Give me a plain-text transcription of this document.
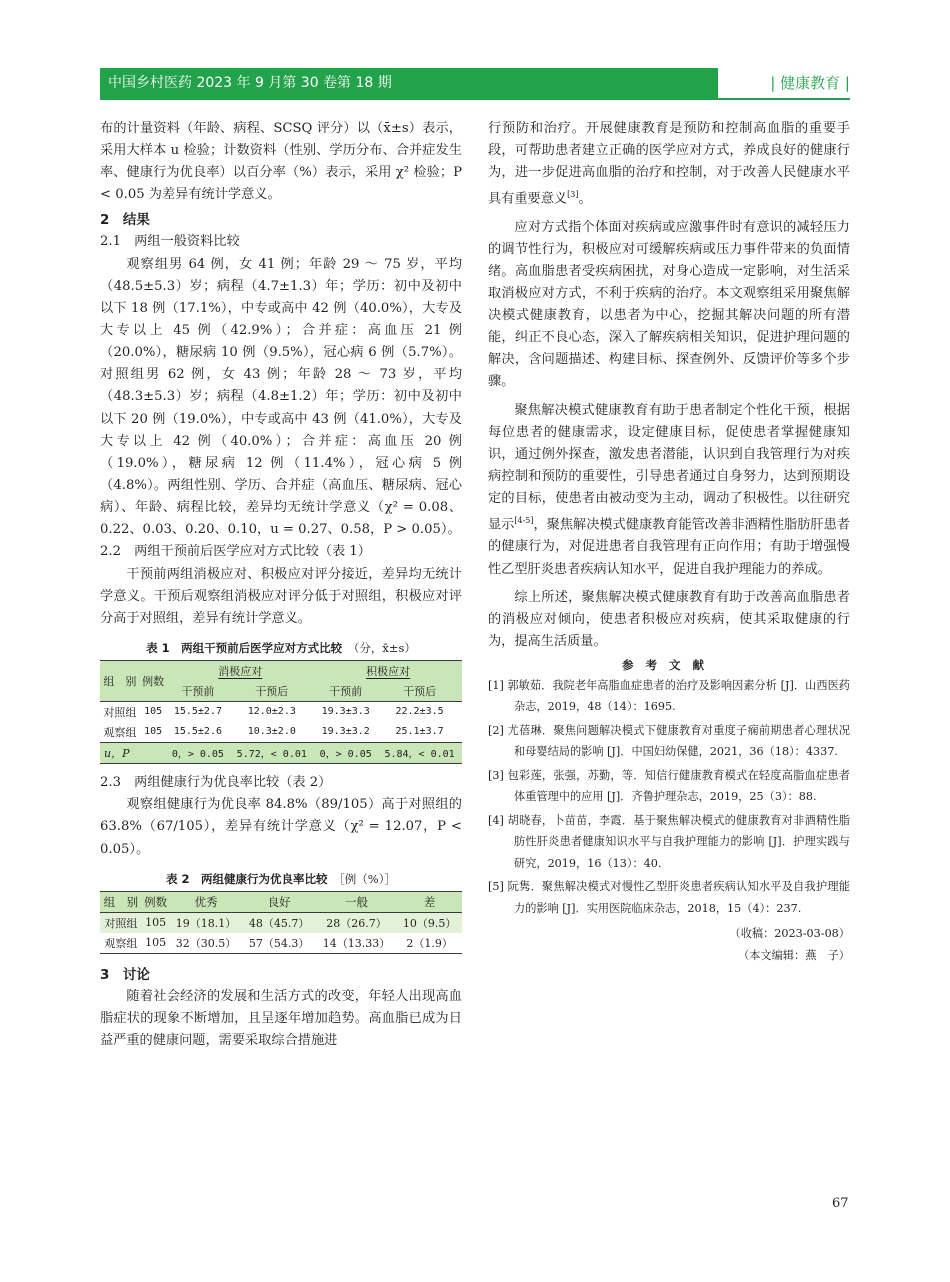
中国乡村医药 2023 年 9 月第 30 卷第 18 期	| 健康教育 |

布的计量资料（年龄、病程、SCSQ 评分）以（x̄±s）表示，采用大样本 u 检验；计数资料（性别、学历分布、合并症发生率、健康行为优良率）以百分率（%）表示，采用 χ² 检验；P < 0.05 为差异有统计学意义。

2　结果
2.1　两组一般资料比较

观察组男 64 例，女 41 例；年龄 29 ～ 75 岁，平均（48.5±5.3）岁；病程（4.7±1.3）年；学历：初中及初中以下 18 例（17.1%），中专或高中 42 例（40.0%），大专及大专以上 45 例（42.9%）；合并症：高血压 21 例（20.0%），糖尿病 10 例（9.5%），冠心病 6 例（5.7%）。对照组男 62 例，女 43 例；年龄 28 ～ 73 岁，平均（48.3±5.3）岁；病程（4.8±1.2）年；学历：初中及初中以下 20 例（19.0%），中专或高中 43 例（41.0%），大专及大专以上 42 例（40.0%）；合并症：高血压 20 例（19.0%），糖尿病 12 例（11.4%），冠心病 5 例（4.8%）。两组性别、学历、合并症（高血压、糖尿病、冠心病）、年龄、病程比较，差异均无统计学意义（χ² = 0.08、0.22、0.03、0.20、0.10，u = 0.27、0.58，P > 0.05）。

2.2　两组干预前后医学应对方式比较（表 1）

干预前两组消极应对、积极应对评分接近，差异均无统计学意义。干预后观察组消极应对评分低于对照组，积极应对评分高于对照组，差异有统计学意义。

表 1　两组干预前后医学应对方式比较　 （分，x̄±s）
组　别	例数	消极应对		积极应对	
		干预前	干预后	干预前	干预后
对照组	105	15.5±2.7	12.0±2.3	19.3±3.3	22.2±3.5
观察组	105	15.5±2.6	10.3±2.0	19.3±3.2	25.1±3.7
u，P		0，> 0.05	5.72，< 0.01	0，> 0.05	5.84，< 0.01
2.3　两组健康行为优良率比较（表 2）

观察组健康行为优良率 84.8%（89/105）高于对照组的 63.8%（67/105），差异有统计学意义（χ² = 12.07，P < 0.05）。

表 2　两组健康行为优良率比较　 ［例（%）］
组　别	例数	优秀	良好	一般	差
对照组	105	19（18.1）	48（45.7）	28（26.7）	10（9.5）
观察组	105	32（30.5）	57（54.3）	14（13.33）	2（1.9）
3　讨论

随着社会经济的发展和生活方式的改变，年轻人出现高血脂症状的现象不断增加，且呈逐年增加趋势。高血脂已成为日益严重的健康问题，需要采取综合措施进

行预防和治疗。开展健康教育是预防和控制高血脂的重要手段，可帮助患者建立正确的医学应对方式，养成良好的健康行为，进一步促进高血脂的治疗和控制，对于改善人民健康水平具有重要意义[3]。

应对方式指个体面对疾病或应激事件时有意识的减轻压力的调节性行为，积极应对可缓解疾病或压力事件带来的负面情绪。高血脂患者受疾病困扰，对身心造成一定影响，对生活采取消极应对方式，不利于疾病的治疗。本文观察组采用聚焦解决模式健康教育，以患者为中心，挖掘其解决问题的所有潜能，纠正不良心态，深入了解疾病相关知识，促进护理问题的解决，含问题描述、构建目标、探查例外、反馈评价等多个步骤。

聚焦解决模式健康教育有助于患者制定个性化干预，根据每位患者的健康需求，设定健康目标，促使患者掌握健康知识，通过例外探查，激发患者潜能，认识到自我管理行为对疾病控制和预防的重要性，引导患者通过自身努力，达到预期设定的目标，使患者由被动变为主动，调动了积极性。以往研究显示[4-5]，聚焦解决模式健康教育能管改善非酒精性脂肪肝患者的健康行为，对促进患者自我管理有正向作用；有助于增强慢性乙型肝炎患者疾病认知水平，促进自我护理能力的养成。

综上所述，聚焦解决模式健康教育有助于改善高血脂患者的消极应对倾向，使患者积极应对疾病，使其采取健康的行为，提高生活质量。

参考文献
[1] 郭敏茹．我院老年高脂血症患者的治疗及影响因素分析 [J]．山西医药杂志，2019，48（14）：1695.
[2] 尤蓓琳．聚焦问题解决模式下健康教育对重度子痫前期患者心理状况和母婴结局的影响 [J]．中国妇幼保健，2021，36（18）：4337.
[3] 包彩莲，张强，苏勤，等．知信行健康教育模式在轻度高脂血症患者体重管理中的应用 [J]．齐鲁护理杂志，2019，25（3）：88.
[4] 胡晓春，卜苗苗，李霞．基于聚焦解决模式的健康教育对非酒精性脂肪性肝炎患者健康知识水平与自我护理能力的影响 [J]．护理实践与研究，2019，16（13）：40.
[5] 阮隽．聚焦解决模式对慢性乙型肝炎患者疾病认知水平及自我护理能力的影响 [J]．实用医院临床杂志，2018，15（4）：237.

（收稿：2023-03-08）

（本文编辑：燕　子）

67
